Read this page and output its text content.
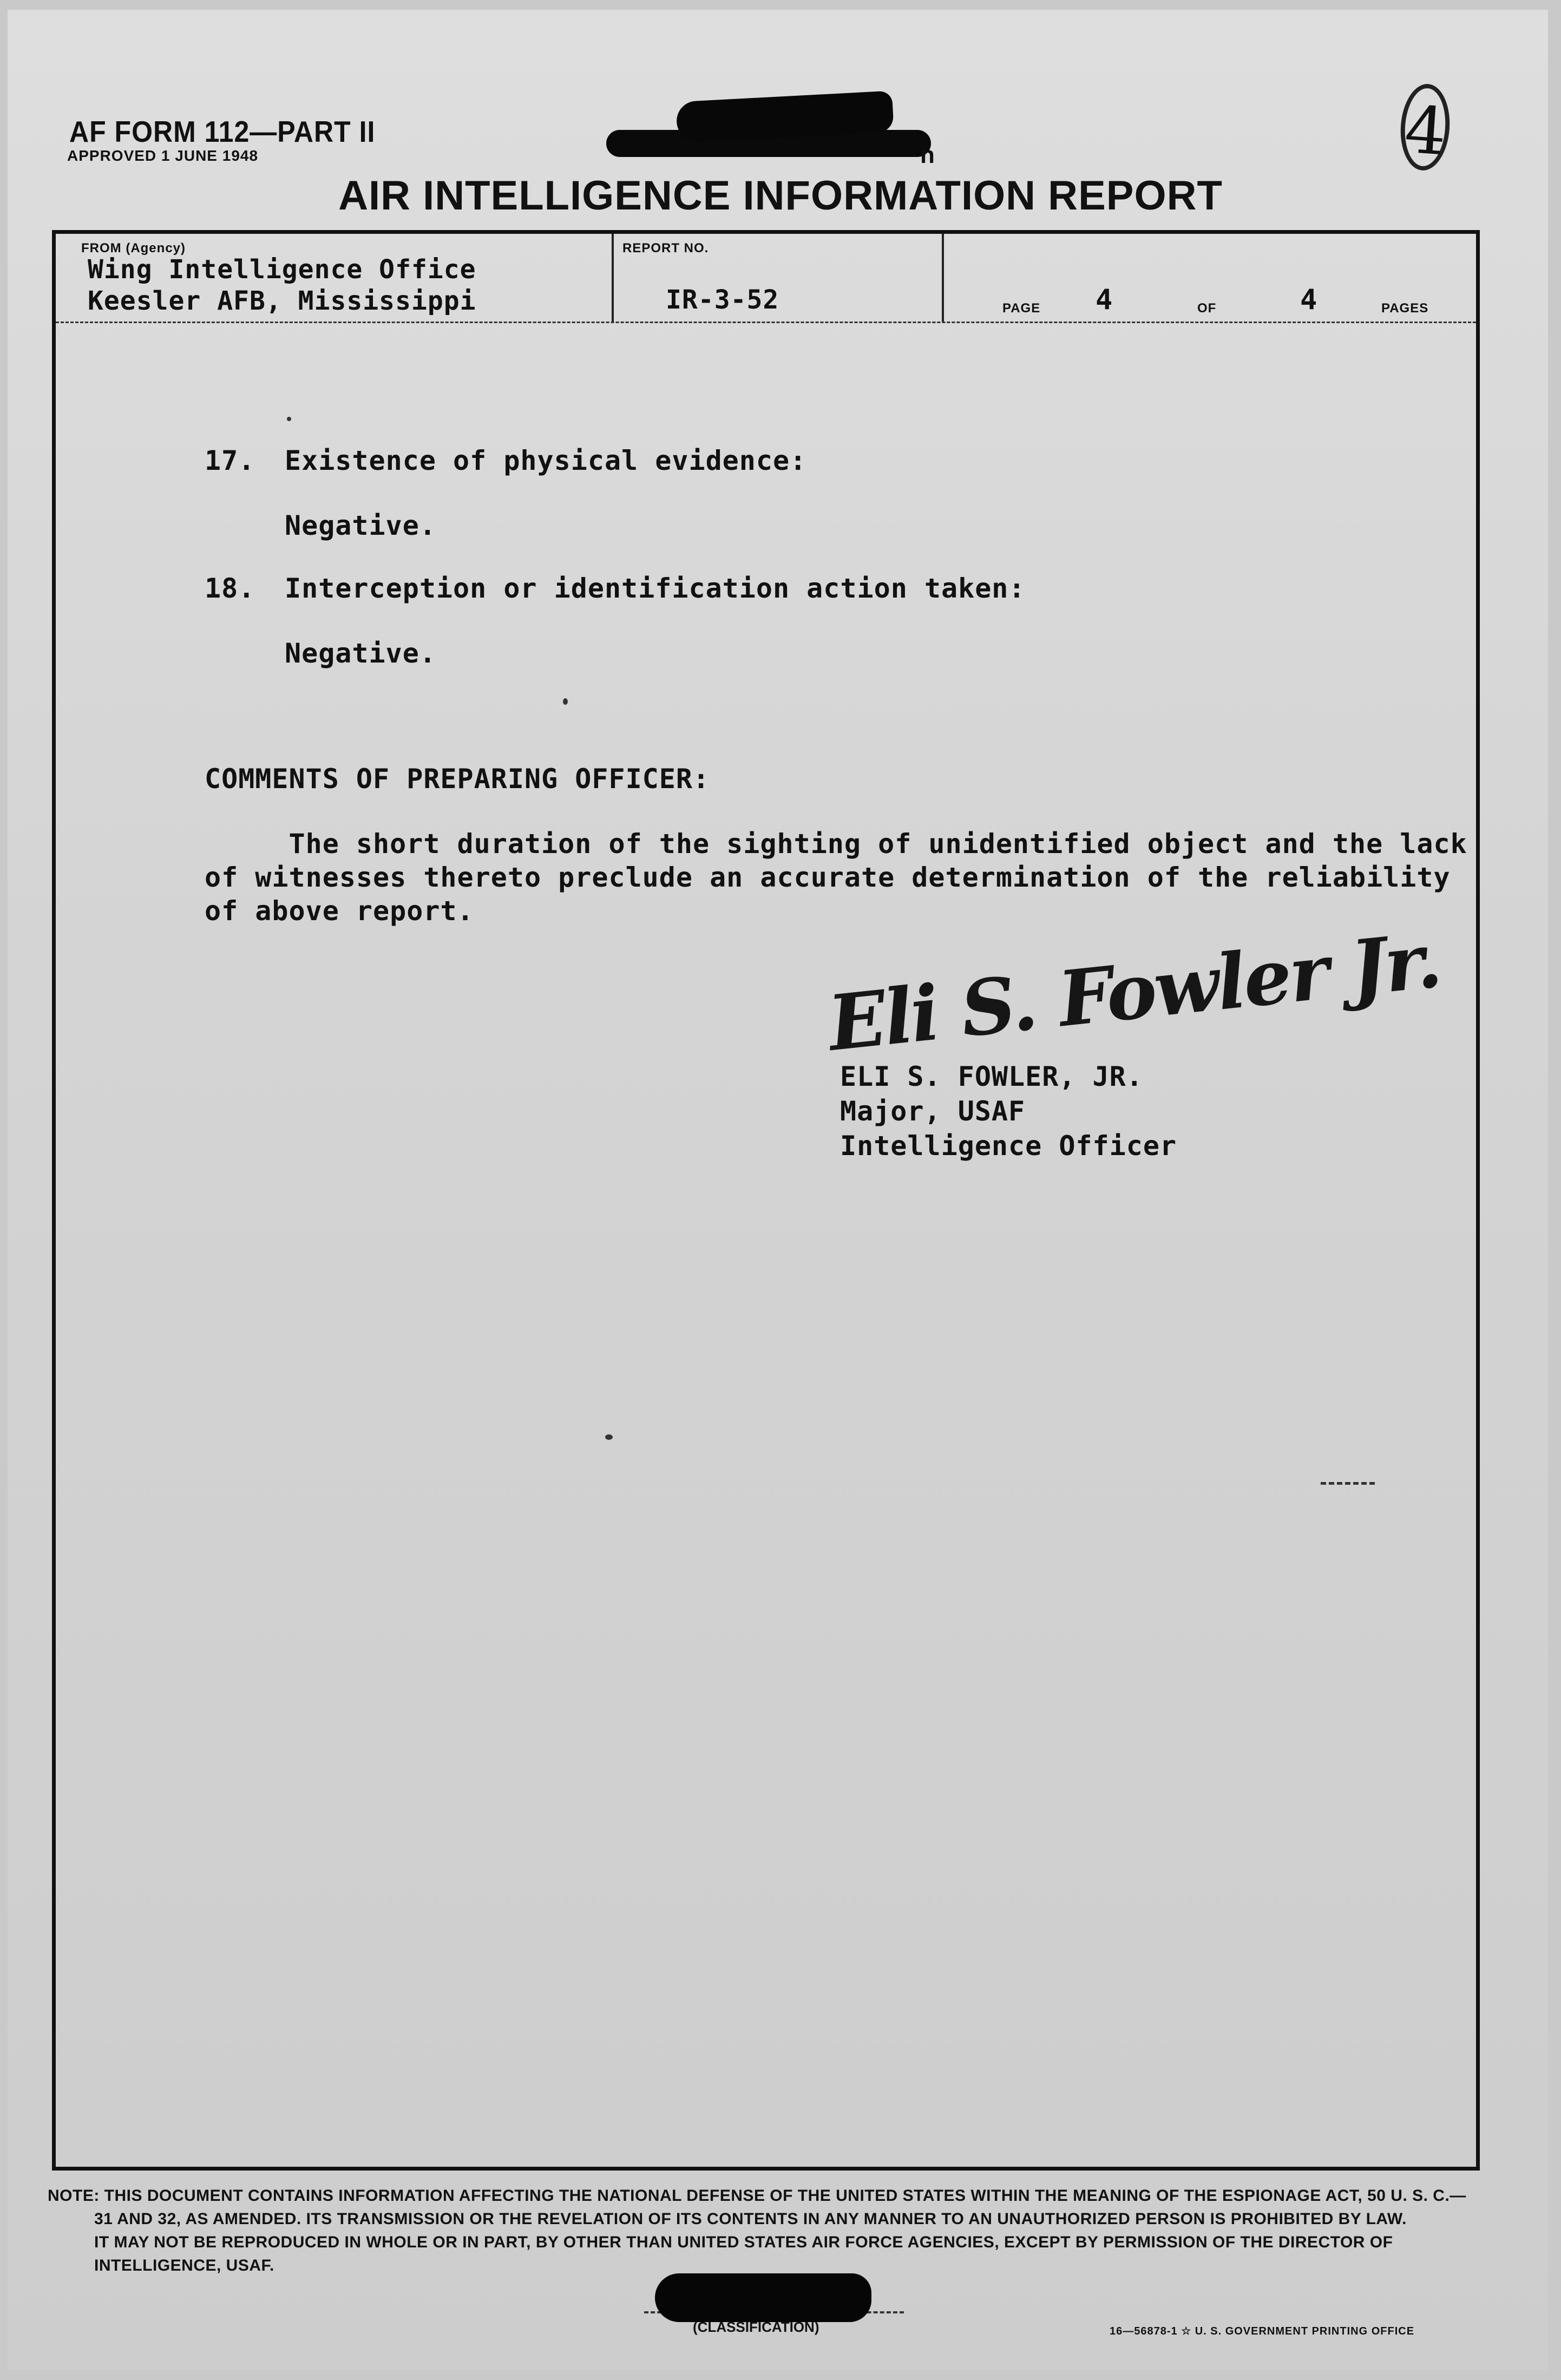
AF FORM 112—PART II
APPROVED 1 JUNE 1948	4
n
AIR INTELLIGENCE INFORMATION REPORT
FROM (Agency)
Wing Intelligence Office
Keesler AFB, Mississippi
REPORT NO.
IR-3-52	PAGE 4	OF	4	PAGES
17. Existence of physical evidence:
Negative.
18. Interception or identification action taken:
Negative.
COMMENTS OF PREPARING OFFICER:
The short duration of the sighting of unidentified object and the lack
of witnesses thereto preclude an accurate determination of the reliability
of above report.
Eli S. Fowler Jr.
ELI S. FOWLER, JR.
Major, USAF
Intelligence Officer
NOTE: THIS DOCUMENT CONTAINS INFORMATION AFFECTING THE NATIONAL DEFENSE OF THE UNITED STATES WITHIN THE MEANING OF THE ESPIONAGE ACT, 50 U. S. C.—
31 AND 32, AS AMENDED. ITS TRANSMISSION OR THE REVELATION OF ITS CONTENTS IN ANY MANNER TO AN UNAUTHORIZED PERSON IS PROHIBITED BY LAW.
IT MAY NOT BE REPRODUCED IN WHOLE OR IN PART, BY OTHER THAN UNITED STATES AIR FORCE AGENCIES, EXCEPT BY PERMISSION OF THE DIRECTOR OF
INTELLIGENCE, USAF.
(CLASSIFICATION)	16—56878-1 ☆ U. S. GOVERNMENT PRINTING OFFICE
